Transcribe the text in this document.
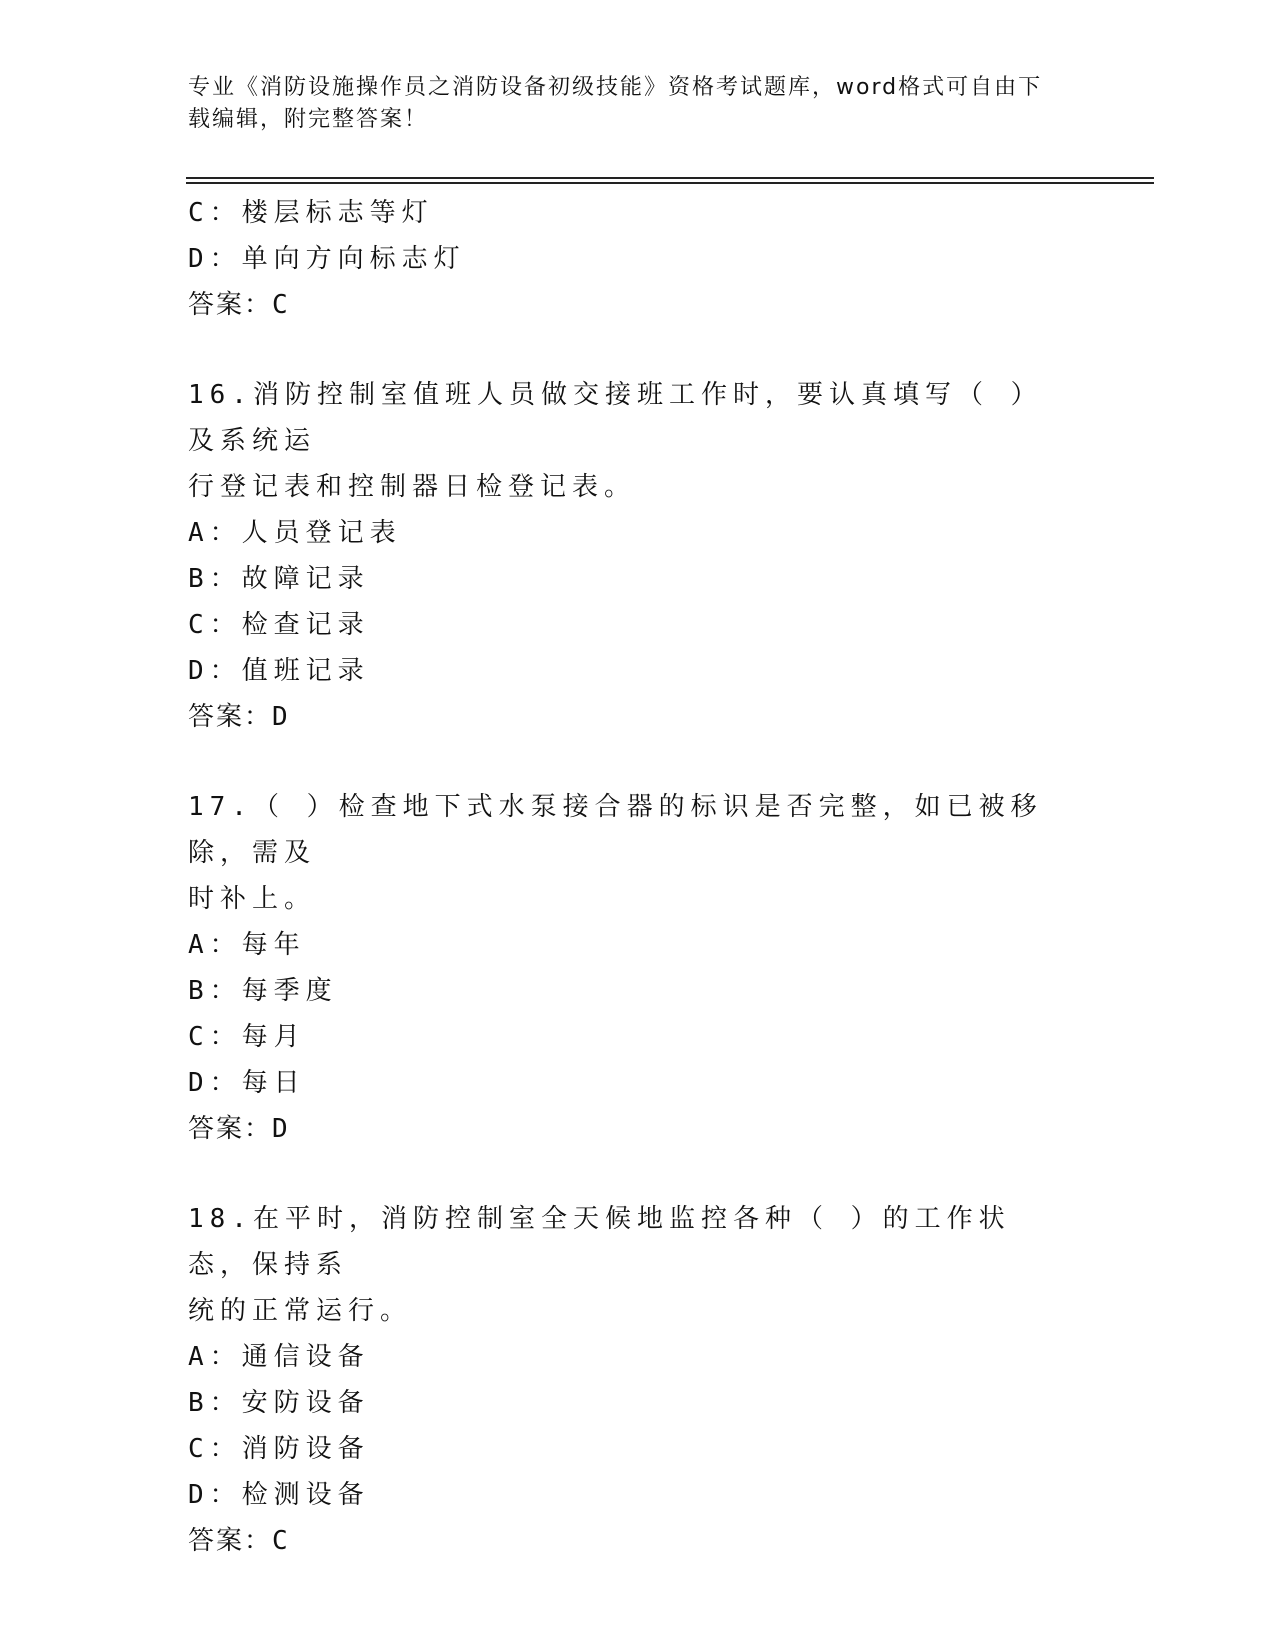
专业《消防设施操作员之消防设备初级技能》资格考试题库，word格式可自由下
载编辑，附完整答案！
C：楼层标志等灯
D：单向方向标志灯
答案：C
16.消防控制室值班人员做交接班工作时，要认真填写（ ）及系统运
行登记表和控制器日检登记表。
A：人员登记表
B：故障记录
C：检查记录
D：值班记录
答案：D
17.（ ）检查地下式水泵接合器的标识是否完整，如已被移除，需及
时补上。
A：每年
B：每季度
C：每月
D：每日
答案：D
18.在平时，消防控制室全天候地监控各种（ ）的工作状态，保持系
统的正常运行。
A：通信设备
B：安防设备
C：消防设备
D：检测设备
答案：C
